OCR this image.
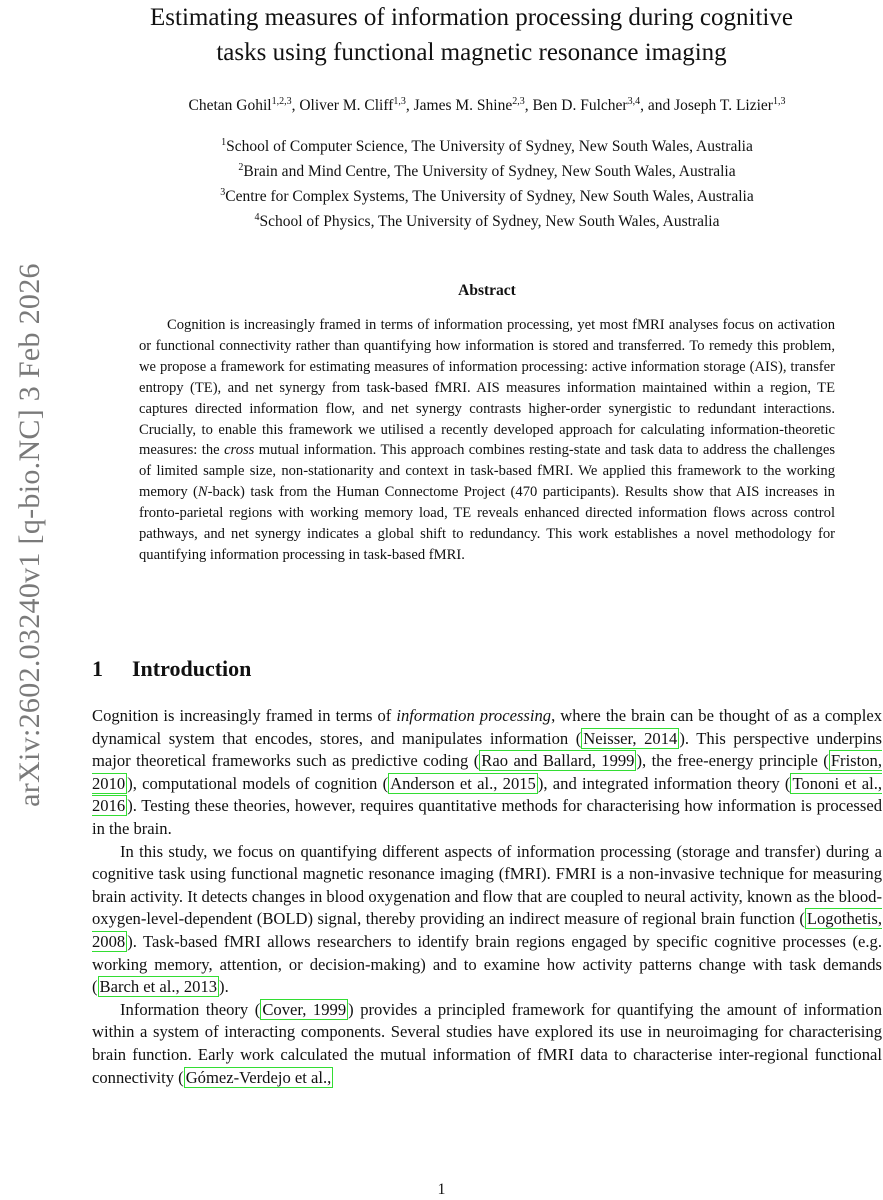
arXiv:2602.03240v1 [q-bio.NC] 3 Feb 2026
Estimating measures of information processing during cognitive
tasks using functional magnetic resonance imaging
Chetan Gohil$^{1,2,3}$, Oliver M. Cliff$^{1,3}$, James M. Shine$^{2,3}$, Ben D. Fulcher$^{3,4}$, and Joseph T. Lizier$^{1,3}$
$^1$School of Computer Science, The University of Sydney, New South Wales, Australia
$^2$Brain and Mind Centre, The University of Sydney, New South Wales, Australia
$^3$Centre for Complex Systems, The University of Sydney, New South Wales, Australia
$^4$School of Physics, The University of Sydney, New South Wales, Australia
Abstract
Cognition is increasingly framed in terms of information processing, yet most fMRI analyses focus on activation or functional connectivity rather than quantifying how information is stored and transferred. To remedy this problem, we propose a framework for estimating measures of information processing: active information storage (AIS), transfer entropy (TE), and net synergy from task-based fMRI. AIS measures information maintained within a region, TE captures directed information flow, and net synergy contrasts higher-order synergistic to redundant interactions. Crucially, to enable this framework we utilised a recently developed approach for calculating information-theoretic measures: the cross mutual information. This approach combines resting-state and task data to address the challenges of limited sample size, non-stationarity and context in task-based fMRI. We applied this framework to the working memory (N-back) task from the Human Connectome Project (470 participants). Results show that AIS increases in fronto-parietal regions with working memory load, TE reveals enhanced directed information flows across control pathways, and net synergy indicates a global shift to redundancy. This work establishes a novel methodology for quantifying information processing in task-based fMRI.
1 Introduction

Cognition is increasingly framed in terms of information processing, where the brain can be thought of as a complex dynamical system that encodes, stores, and manipulates information ( Neisser, 2014 ). This perspective underpins major theoretical frameworks such as predictive coding ( Rao and Ballard, 1999 ), the free-energy principle ( Friston, 2010 ), computational models of cognition ( Anderson et al., 2015 ), and integrated information theory ( Tononi et al., 2016 ). Testing these theories, however, requires quantitative methods for characterising how information is processed in the brain.

In this study, we focus on quantifying different aspects of information processing (storage and transfer) during a cognitive task using functional magnetic resonance imaging (fMRI). FMRI is a non-invasive technique for measuring brain activity. It detects changes in blood oxygenation and flow that are coupled to neural activity, known as the blood-oxygen-level-dependent (BOLD) signal, thereby providing an indirect measure of regional brain function ( Logothetis, 2008 ). Task-based fMRI allows researchers to identify brain regions engaged by specific cognitive processes (e.g. working memory, attention, or decision-making) and to examine how activity patterns change with task demands ( Barch et al., 2013 ).

Information theory ( Cover, 1999 ) provides a principled framework for quantifying the amount of information within a system of interacting components. Several studies have explored its use in neuroimaging for characterising brain function. Early work calculated the mutual information of fMRI data to characterise inter-regional functional connectivity ( Gómez-Verdejo et al.,

1
